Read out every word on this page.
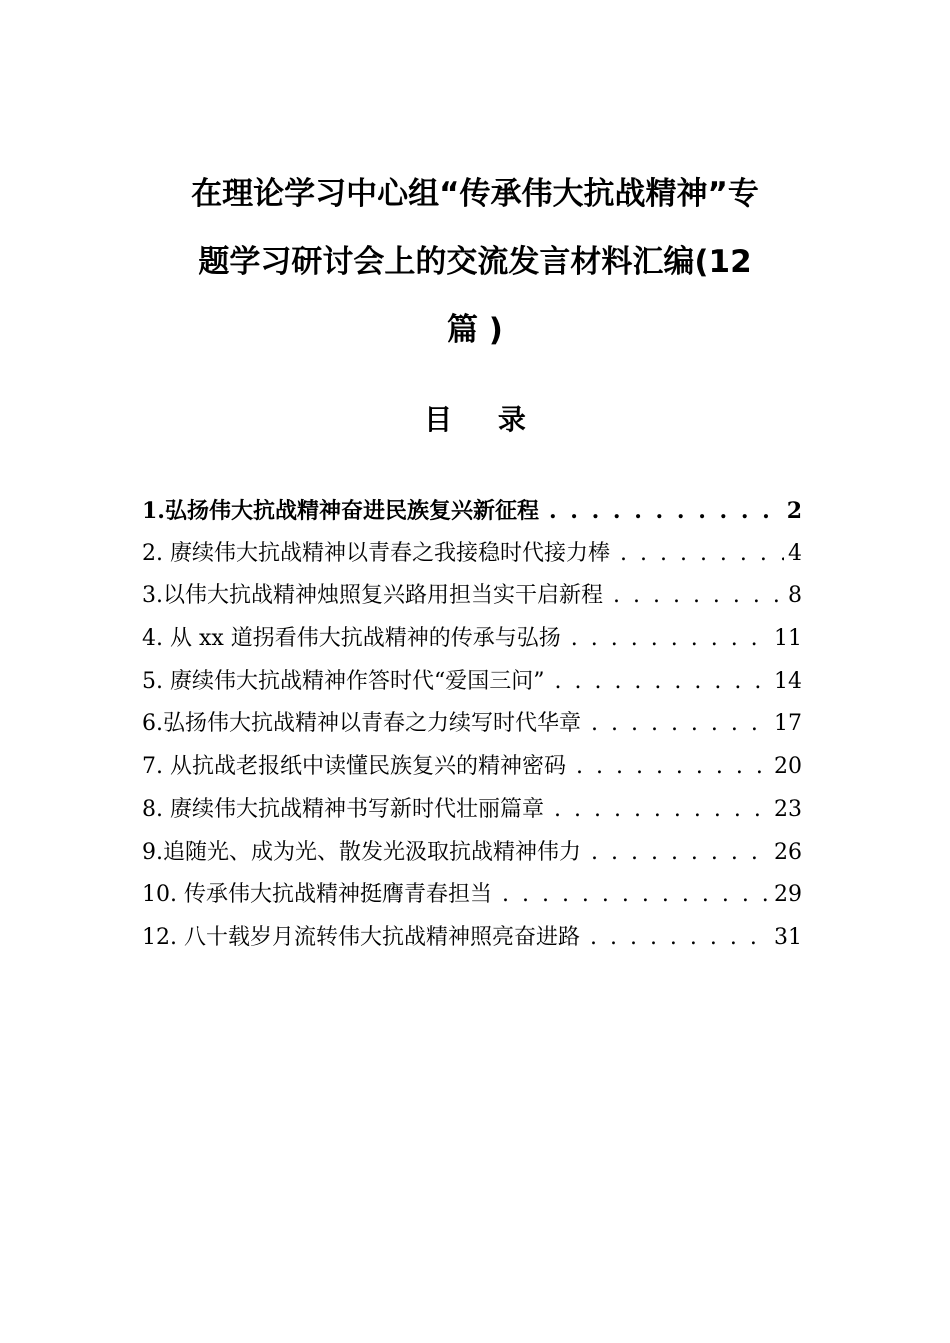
在理论学习中心组“传承伟大抗战精神”专
题学习研讨会上的交流发言材料汇编(12
篇 )
目 录
1.弘扬伟大抗战精神奋进民族复兴新征程 . . .	2
2. 赓续伟大抗战精神以青春之我接稳时代接力棒 . . .	4
3.以伟大抗战精神烛照复兴路用担当实干启新程 . . .	8
4. 从 xx 道拐看伟大抗战精神的传承与弘扬 . . .	11
5. 赓续伟大抗战精神作答时代“爱国三问” . . .	14
6.弘扬伟大抗战精神以青春之力续写时代华章 . . .	17
7. 从抗战老报纸中读懂民族复兴的精神密码 . . .	20
8. 赓续伟大抗战精神书写新时代壮丽篇章 . . .	23
9.追随光、成为光、散发光汲取抗战精神伟力 . . .	26
10. 传承伟大抗战精神挺膺青春担当 . . .	29
12. 八十载岁月流转伟大抗战精神照亮奋进路 . . .	31
